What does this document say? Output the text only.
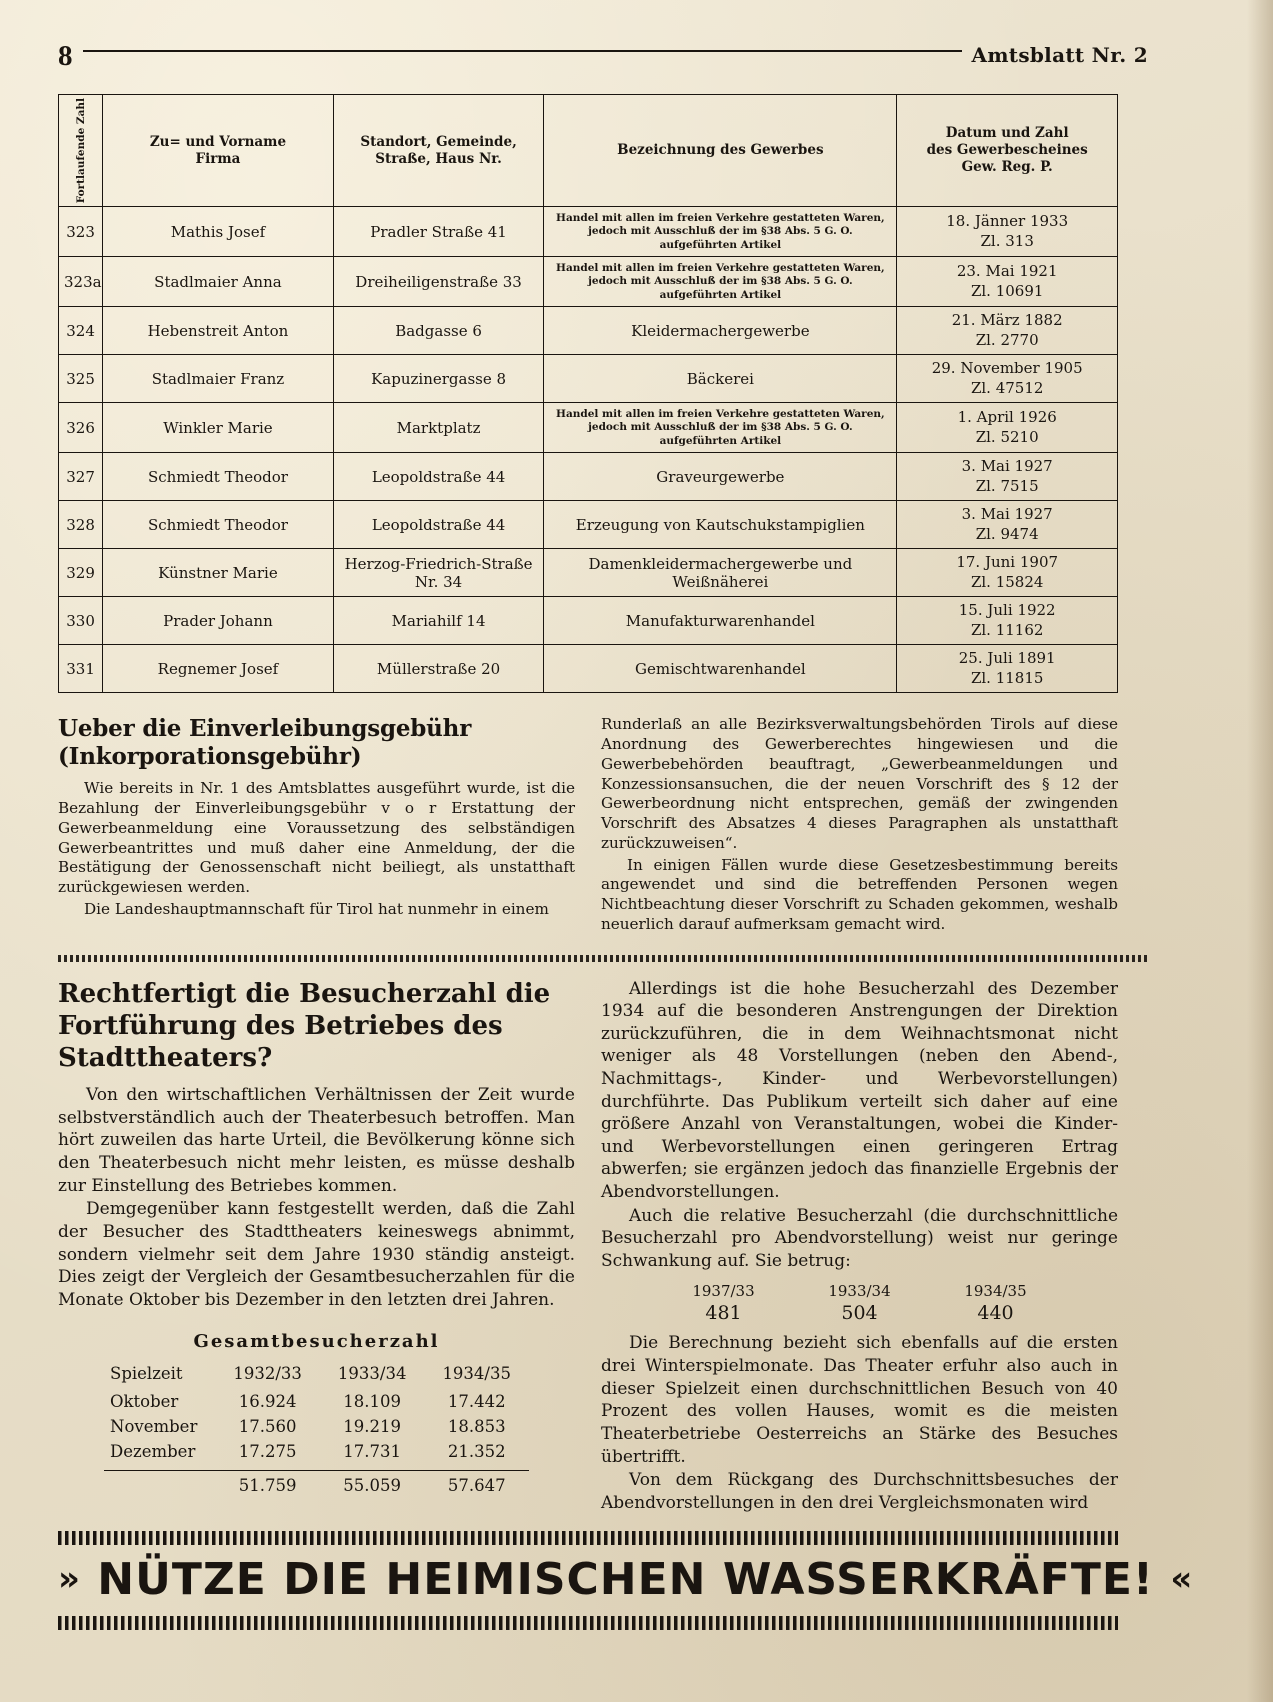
8	Amtsblatt Nr. 2
Fortlaufende Zahl	Zu= und Vorname
Firma

Standort, Gemeinde,
Straße, Haus Nr.

Bezeichnung des Gewerbes

Datum und Zahl
des Gewerbescheines
Gew. Reg. P.

323	Mathis Josef	Pradler Straße 41	Handel mit allen im freien Verkehre gestatteten Waren, jedoch mit Ausschluß der im §38 Abs. 5 G. O. aufgeführten Artikel	18. Jänner 1933
Zl. 313

323a	Stadlmaier Anna	Dreiheiligenstraße 33	Handel mit allen im freien Verkehre gestatteten Waren, jedoch mit Ausschluß der im §38 Abs. 5 G. O. aufgeführten Artikel	23. Mai 1921
Zl. 10691

324	Hebenstreit Anton	Badgasse 6	Kleidermachergewerbe	21. März 1882
Zl. 2770

325	Stadlmaier Franz	Kapuzinergasse 8	Bäckerei	29. November 1905
Zl. 47512

326	Winkler Marie	Marktplatz	Handel mit allen im freien Verkehre gestatteten Waren, jedoch mit Ausschluß der im §38 Abs. 5 G. O. aufgeführten Artikel	1. April 1926
Zl. 5210

327	Schmiedt Theodor	Leopoldstraße 44	Graveurgewerbe	3. Mai 1927
Zl. 7515

328	Schmiedt Theodor	Leopoldstraße 44	Erzeugung von Kautschukstampiglien	3. Mai 1927
Zl. 9474

329	Künstner Marie	Herzog-Friedrich-Straße Nr. 34	Damenkleidermachergewerbe und Weißnäherei	17. Juni 1907
Zl. 15824

330	Prader Johann	Mariahilf 14	Manufakturwarenhandel	15. Juli 1922
Zl. 11162

331	Regnemer Josef	Müllerstraße 20	Gemischtwarenhandel	25. Juli 1891
Zl. 11815
Ueber die Einverleibungsgebühr (Inkorporationsgebühr)

Wie bereits in Nr. 1 des Amtsblattes ausgeführt wurde, ist die Bezahlung der Einverleibungsgebühr v o r Erstattung der Gewerbeanmeldung eine Voraussetzung des selbständigen Gewerbeantrittes und muß daher eine Anmeldung, der die Bestätigung der Genossenschaft nicht beiliegt, als unstatthaft zurückgewiesen werden.

Die Landeshauptmannschaft für Tirol hat nunmehr in einem

Runderlaß an alle Bezirksverwaltungsbehörden Tirols auf diese Anordnung des Gewerberechtes hingewiesen und die Gewerbebehörden beauftragt, „Gewerbeanmeldungen und Konzessionsansuchen, die der neuen Vorschrift des § 12 der Gewerbeordnung nicht entsprechen, gemäß der zwingenden Vorschrift des Absatzes 4 dieses Paragraphen als unstatthaft zurückzuweisen“.

In einigen Fällen wurde diese Gesetzesbestimmung bereits angewendet und sind die betreffenden Personen wegen Nichtbeachtung dieser Vorschrift zu Schaden gekommen, weshalb neuerlich darauf aufmerksam gemacht wird.

Rechtfertigt die Besucherzahl die Fortführung des Betriebes des Stadttheaters?

Von den wirtschaftlichen Verhältnissen der Zeit wurde selbstverständlich auch der Theaterbesuch betroffen. Man hört zuweilen das harte Urteil, die Bevölkerung könne sich den Theaterbesuch nicht mehr leisten, es müsse deshalb zur Einstellung des Betriebes kommen.

Demgegenüber kann festgestellt werden, daß die Zahl der Besucher des Stadttheaters keineswegs abnimmt, sondern vielmehr seit dem Jahre 1930 ständig ansteigt. Dies zeigt der Vergleich der Gesamtbesucherzahlen für die Monate Oktober bis Dezember in den letzten drei Jahren.

Gesamtbesucherzahl
Spielzeit	1932/33	1933/34	1934/35
Oktober	16.924	18.109	17.442
November	17.560	19.219	18.853
Dezember	17.275	17.731	21.352

	51.759	55.059	57.647

Allerdings ist die hohe Besucherzahl des Dezember 1934 auf die besonderen Anstrengungen der Direktion zurückzuführen, die in dem Weihnachtsmonat nicht weniger als 48 Vorstellungen (neben den Abend-, Nachmittags-, Kinder- und Werbevorstellungen) durchführte. Das Publikum verteilt sich daher auf eine größere Anzahl von Veranstaltungen, wobei die Kinder- und Werbevorstellungen einen geringeren Ertrag abwerfen; sie ergänzen jedoch das finanzielle Ergebnis der Abendvorstellungen.

Auch die relative Besucherzahl (die durchschnittliche Besucherzahl pro Abendvorstellung) weist nur geringe Schwankung auf. Sie betrug:

1937/33	1933/34	1934/35
481	504	440

Die Berechnung bezieht sich ebenfalls auf die ersten drei Winterspielmonate. Das Theater erfuhr also auch in dieser Spielzeit einen durchschnittlichen Besuch von 40 Prozent des vollen Hauses, womit es die meisten Theaterbetriebe Oesterreichs an Stärke des Besuches übertrifft.

Von dem Rückgang des Durchschnittsbesuches der Abendvorstellungen in den drei Vergleichsmonaten wird

» NÜTZE DIE HEIMISCHEN WASSERKRÄFTE! «
